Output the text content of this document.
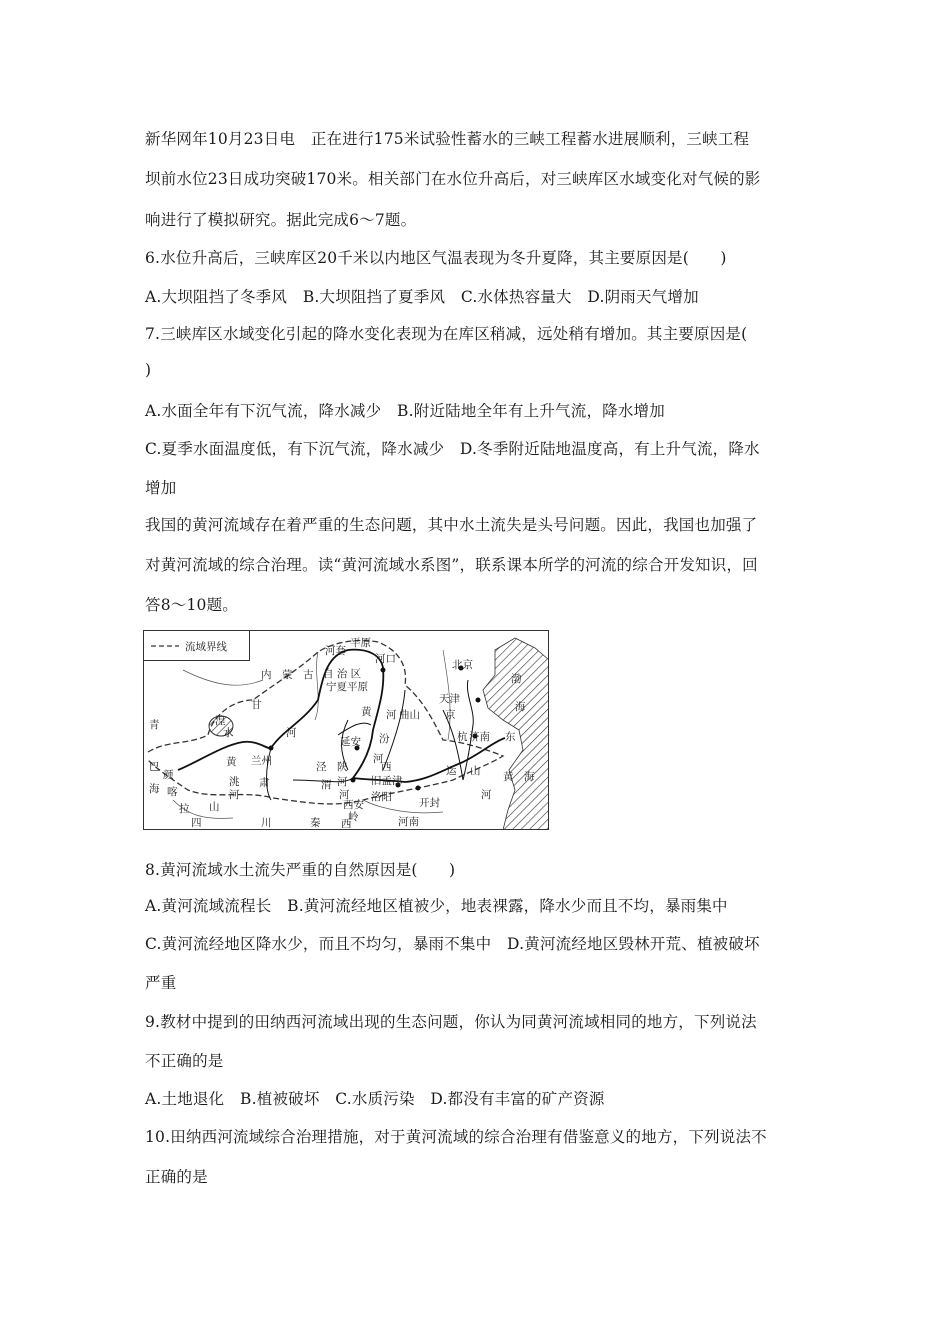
新华网年10月23日电　正在进行175米试验性蓄水的三峡工程蓄水进展顺利，三峡工程
坝前水位23日成功突破170米。相关部门在水位升高后，对三峡库区水域变化对气候的影
响进行了模拟研究。据此完成6～7题。
6.水位升高后，三峡库区20千米以内地区气温表现为冬升夏降，其主要原因是(　　)
A.大坝阻挡了冬季风　B.大坝阻挡了夏季风　C.水体热容量大　D.阴雨天气增加
7.三峡库区水域变化引起的降水变化表现为在库区稍减，远处稍有增加。其主要原因是(
)
A.水面全年有下沉气流，降水减少　B.附近陆地全年有上升气流，降水增加
C.夏季水面温度低，有下沉气流，降水减少　D.冬季附近陆地温度高，有上升气流，降水
增加
我国的黄河流域存在着严重的生态问题，其中水土流失是头号问题。因此，我国也加强了
对黄河流域的综合治理。读“黄河流域水系图”，联系课本所学的河流的综合开发知识，回
答8～10题。
流域界线	河套
平原
河口
内　蒙　古 自 治 区
宁夏平原
黄 河 曲山
甘
青	湟
水	河
延安 汾
河
北京
天津
京
渤
海
杭 济南 东
黄 兰州
洮
河
肃
泾 陕
河
西
旧孟津
运 山 黄　海
巴
颜
海 喀
拉 山
渭
河
西安
洛阳	开封
四	川	秦	岭
西	河南
河
8.黄河流域水土流失严重的自然原因是(　　)
A.黄河流域流程长　B.黄河流经地区植被少，地表裸露，降水少而且不均，暴雨集中
C.黄河流经地区降水少，而且不均匀，暴雨不集中　D.黄河流经地区毁林开荒、植被破坏
严重
9.教材中提到的田纳西河流域出现的生态问题，你认为同黄河流域相同的地方，下列说法
不正确的是
A.土地退化　B.植被破坏　C.水质污染　D.都没有丰富的矿产资源
10.田纳西河流域综合治理措施，对于黄河流域的综合治理有借鉴意义的地方，下列说法不
正确的是
